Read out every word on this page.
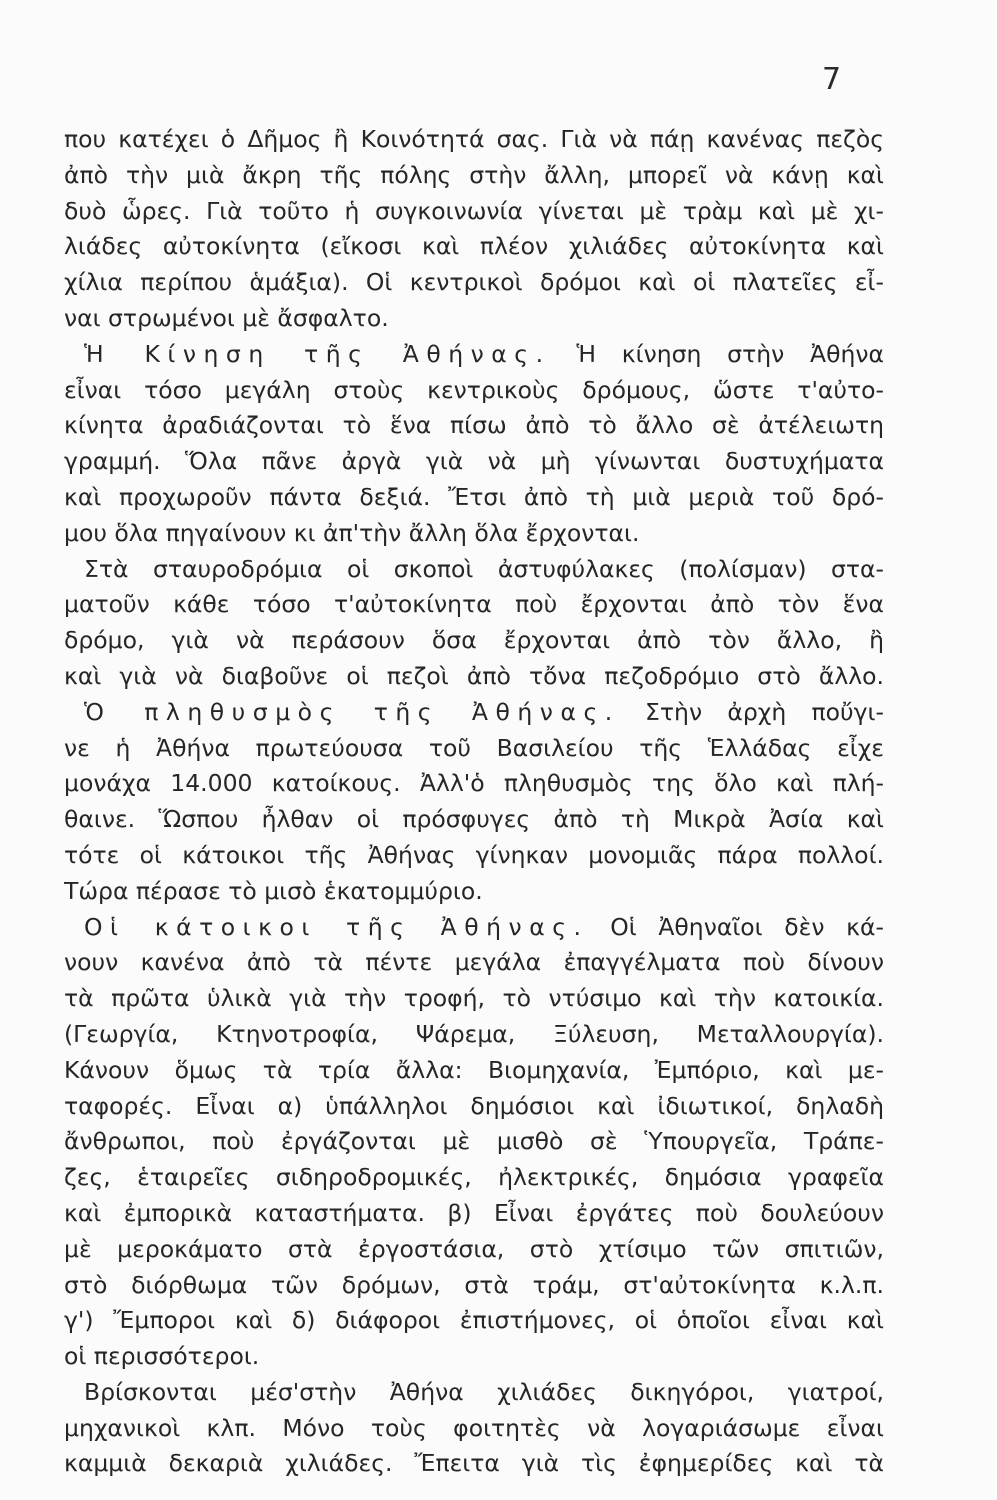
7
που κατέχει ὁ Δῆμος ἢ Κοινότητά σας. Γιὰ νὰ πάῃ κανένας πεζὸς
ἀπὸ τὴν μιὰ ἄκρη τῆς πόλης στὴν ἄλλη, μπορεῖ νὰ κάνῃ καὶ
δυὸ ὧρες. Γιὰ τοῦτο ἡ συγκοινωνία γίνεται μὲ τρὰμ καὶ μὲ χι-
λιάδες αὐτοκίνητα (εἴκοσι καὶ πλέον χιλιάδες αὐτοκίνητα καὶ
χίλια περίπου ἁμάξια). Οἱ κεντρικοὶ δρόμοι καὶ οἱ πλατεῖες εἶ-
ναι στρωμένοι μὲ ἄσφαλτο.
Ἡ Κίνηση τῆς Ἀθήνας. Ἡ κίνηση στὴν Ἀθήνα
εἶναι τόσο μεγάλη στοὺς κεντρικοὺς δρόμους, ὥστε τ'αὐτο-
κίνητα ἀραδιάζονται τὸ ἕνα πίσω ἀπὸ τὸ ἄλλο σὲ ἀτέλειωτη
γραμμή. Ὅλα πᾶνε ἀργὰ γιὰ νὰ μὴ γίνωνται δυστυχήματα
καὶ προχωροῦν πάντα δεξιά. Ἔτσι ἀπὸ τὴ μιὰ μεριὰ τοῦ δρό-
μου ὅλα πηγαίνουν κι ἀπ'τὴν ἄλλη ὅλα ἔρχονται.
Στὰ σταυροδρόμια οἱ σκοποὶ ἀστυφύλακες (πολίσμαν) στα-
ματοῦν κάθε τόσο τ'αὐτοκίνητα ποὺ ἔρχονται ἀπὸ τὸν ἕνα
δρόμο, γιὰ νὰ περάσουν ὅσα ἔρχονται ἀπὸ τὸν ἄλλο, ἢ
καὶ γιὰ νὰ διαβοῦνε οἱ πεζοὶ ἀπὸ τὄνα πεζοδρόμιο στὸ ἄλλο.
Ὁ πληθυσμὸς τῆς Ἀθήνας. Στὴν ἀρχὴ ποὔγι-
νε ἡ Ἀθήνα πρωτεύουσα τοῦ Βασιλείου τῆς Ἑλλάδας εἶχε
μονάχα 14.000 κατοίκους. Ἀλλ'ὁ πληθυσμὸς της ὅλο καὶ πλή-
θαινε. Ὥσπου ἦλθαν οἱ πρόσφυγες ἀπὸ τὴ Μικρὰ Ἀσία καὶ
τότε οἱ κάτοικοι τῆς Ἀθήνας γίνηκαν μονομιᾶς πάρα πολλοί.
Τώρα πέρασε τὸ μισὸ ἑκατομμύριο.
Οἱ κάτοικοι τῆς Ἀθήνας. Οἱ Ἀθηναῖοι δὲν κά-
νουν κανένα ἀπὸ τὰ πέντε μεγάλα ἐπαγγέλματα ποὺ δίνουν
τὰ πρῶτα ὑλικὰ γιὰ τὴν τροφή, τὸ ντύσιμο καὶ τὴν κατοικία.
(Γεωργία, Κτηνοτροφία, Ψάρεμα, Ξύλευση, Μεταλλουργία).
Κάνουν ὅμως τὰ τρία ἄλλα: Βιομηχανία, Ἐμπόριο, καὶ με-
ταφορές. Εἶναι α) ὑπάλληλοι δημόσιοι καὶ ἰδιωτικοί, δηλαδὴ
ἄνθρωποι, ποὺ ἐργάζονται μὲ μισθὸ σὲ Ὑπουργεῖα, Τράπε-
ζες, ἑταιρεῖες σιδηροδρομικές, ἠλεκτρικές, δημόσια γραφεῖα
καὶ ἐμπορικὰ καταστήματα. β) Εἶναι ἐργάτες ποὺ δουλεύουν
μὲ μεροκάματο στὰ ἐργοστάσια, στὸ χτίσιμο τῶν σπιτιῶν,
στὸ διόρθωμα τῶν δρόμων, στὰ τράμ, στ'αὐτοκίνητα κ.λ.π.
γ') Ἔμποροι καὶ δ) διάφοροι ἐπιστήμονες, οἱ ὁποῖοι εἶναι καὶ
οἱ περισσότεροι.
Βρίσκονται μέσ'στὴν Ἀθήνα χιλιάδες δικηγόροι, γιατροί,
μηχανικοὶ κλπ. Μόνο τοὺς φοιτητὲς νὰ λογαριάσωμε εἶναι
καμμιὰ δεκαριὰ χιλιάδες. Ἔπειτα γιὰ τὶς ἐφημερίδες καὶ τὰ
